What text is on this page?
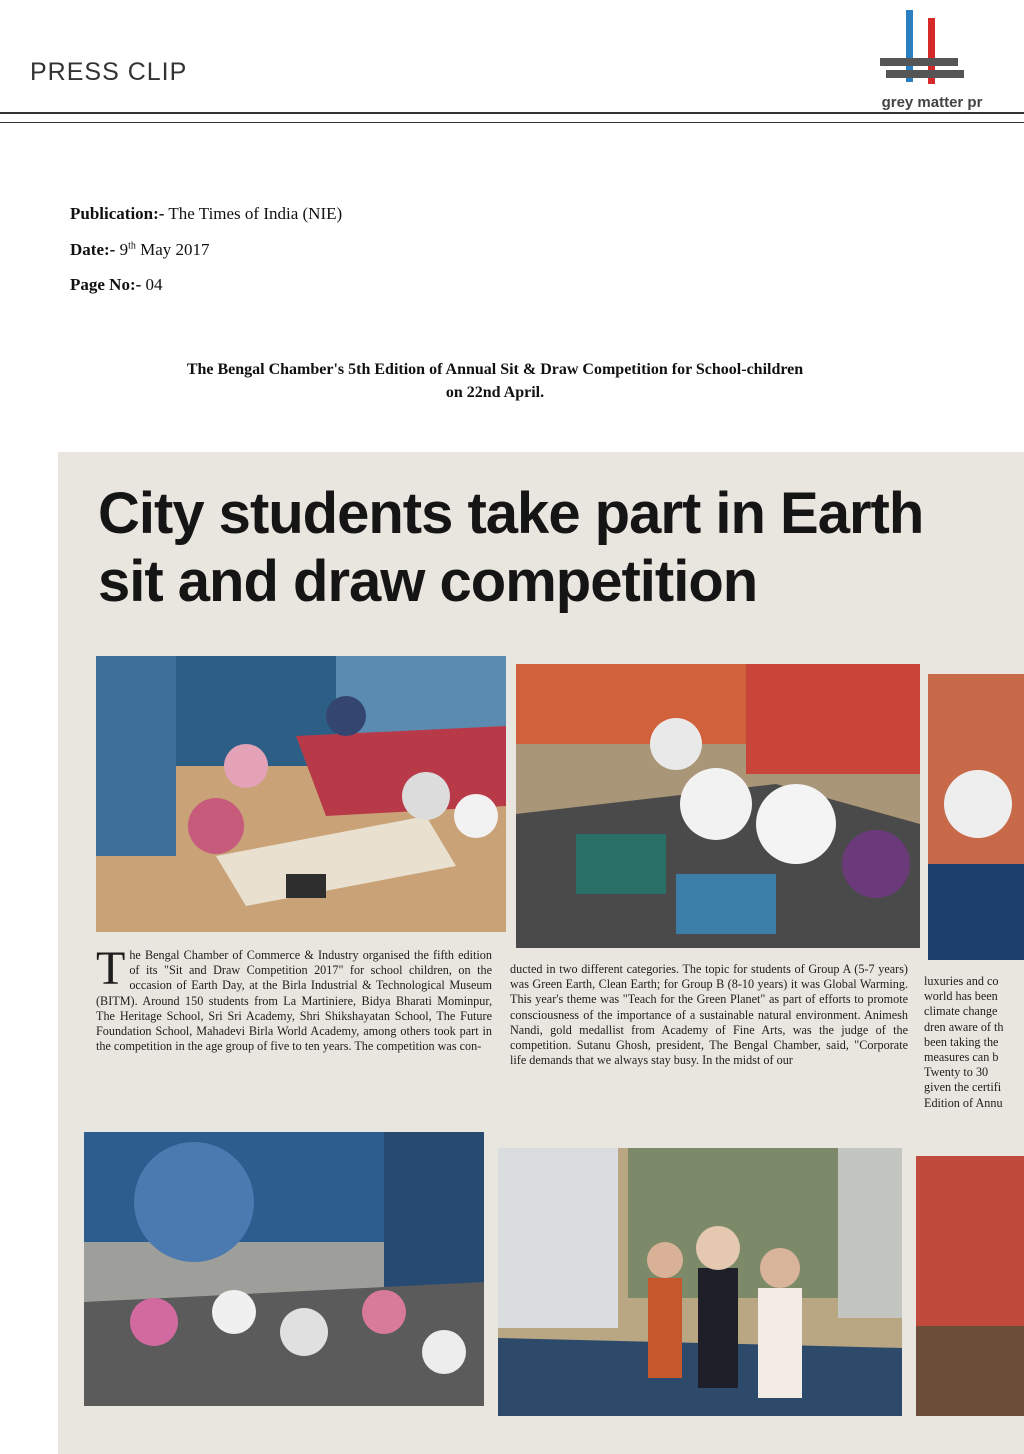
PRESS CLIP
grey matter pr
Publication:- The Times of India (NIE)
Date:- 9th May 2017
Page No:- 04
The Bengal Chamber's 5th Edition of Annual Sit & Draw Competition for School-children
on 22nd April.
City students take part in Earth
sit and draw competition
The Bengal Chamber of Commerce & Industry organised the fifth edition of its "Sit and Draw Competition 2017" for school children, on the occasion of Earth Day, at the Birla Industrial & Technological Museum (BITM). Around 150 students from La Martiniere, Bidya Bharati Mominpur, The Heritage School, Sri Sri Academy, Shri Shikshayatan School, The Future Foundation School, Mahadevi Birla World Academy, among others took part in the competition in the age group of five to ten years. The competition was con-
ducted in two different categories. The topic for students of Group A (5-7 years) was Green Earth, Clean Earth; for Group B (8-10 years) it was Global Warming. This year's theme was "Teach for the Green Planet" as part of efforts to promote consciousness of the importance of a sustainable natural environment. Animesh Nandi, gold medallist from Academy of Fine Arts, was the judge of the competition. Sutanu Ghosh, president, The Bengal Chamber, said, "Corporate life demands that we always stay busy. In the midst of our
luxuries and co
world has been
climate change
dren aware of th
been taking the
measures can b
Twenty to 30
given the certifi
Edition of Annu
